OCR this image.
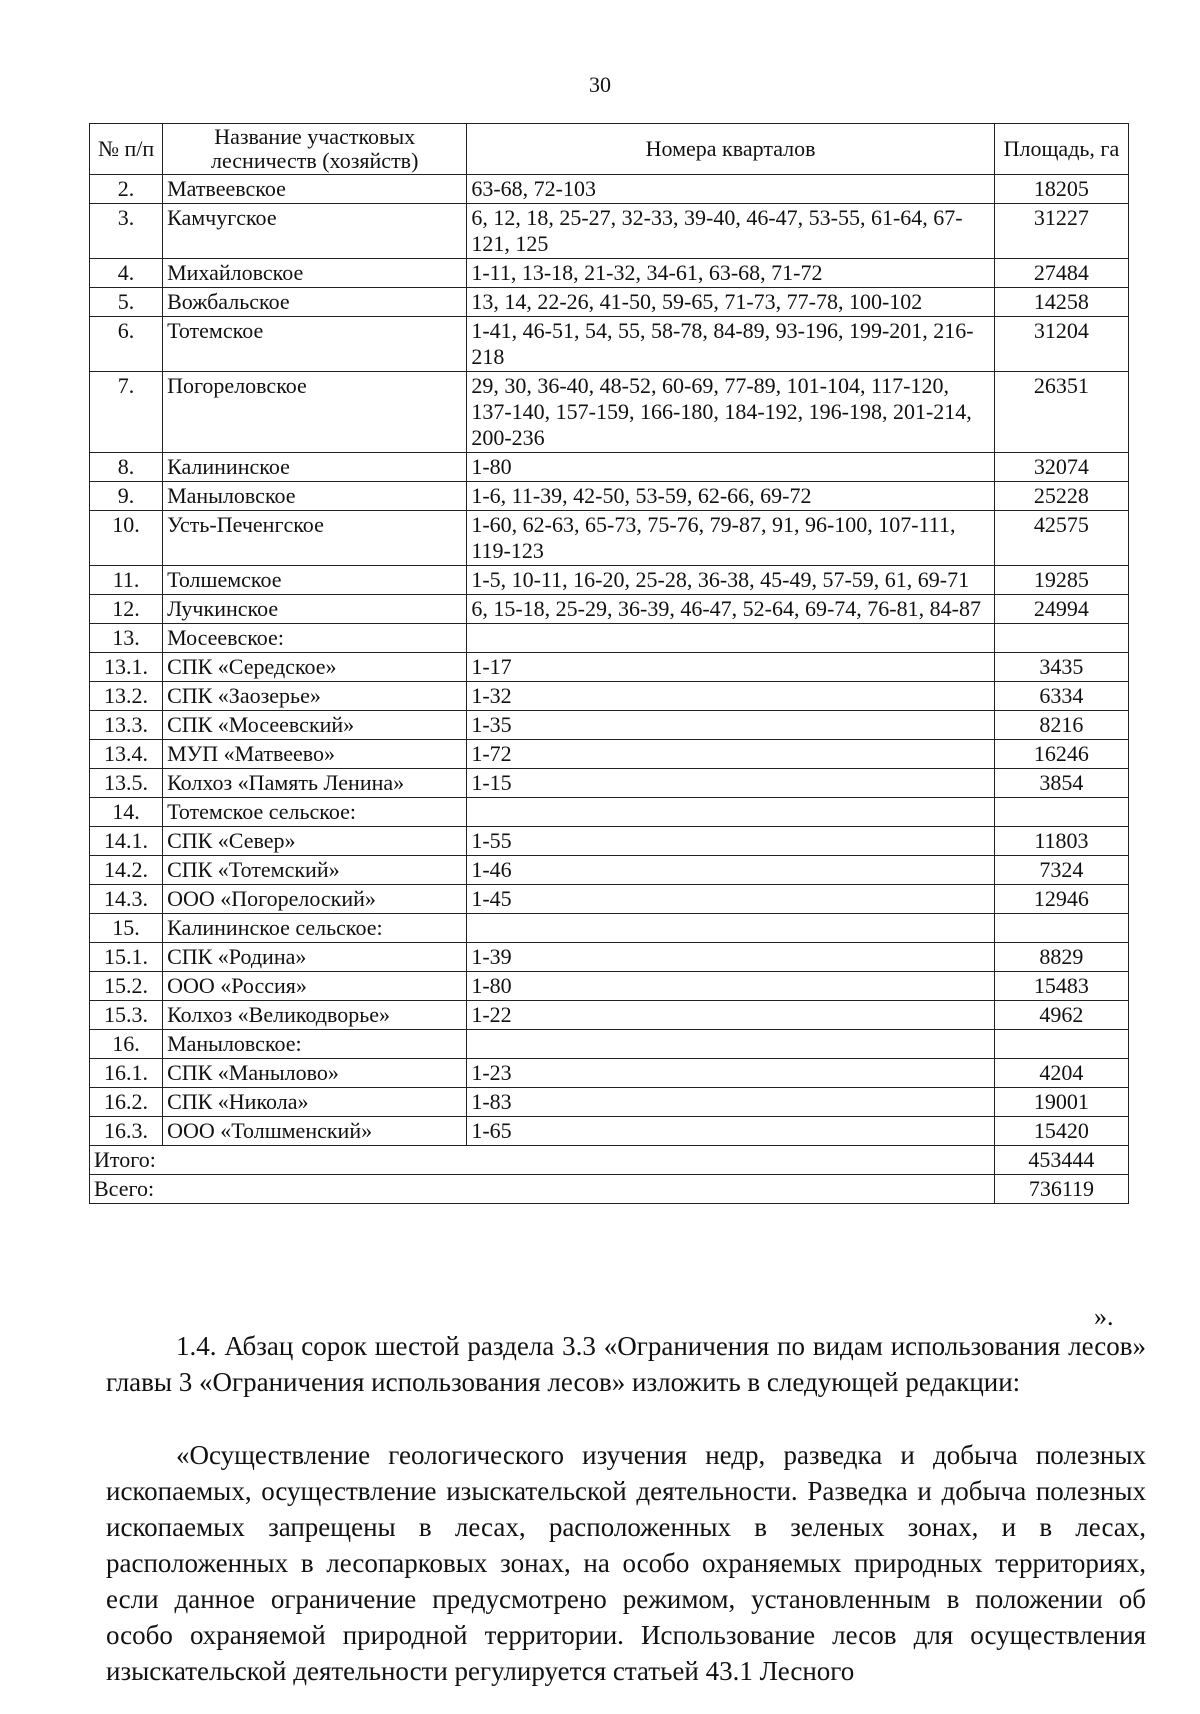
30
№ п/п	Название участковых лесничеств (хозяйств)	Номера кварталов	Площадь, га
2.	Матвеевское	63-68, 72-103	18205
3.	Камчугское	6, 12, 18, 25-27, 32-33, 39-40, 46-47, 53-55, 61-64, 67-121, 125	31227
4.	Михайловское	1-11, 13-18, 21-32, 34-61, 63-68, 71-72	27484
5.	Вожбальское	13, 14, 22-26, 41-50, 59-65, 71-73, 77-78, 100-102	14258
6.	Тотемское	1-41, 46-51, 54, 55, 58-78, 84-89, 93-196, 199-201, 216-218	31204
7.	Погореловское	29, 30, 36-40, 48-52, 60-69, 77-89, 101-104, 117-120, 137-140, 157-159, 166-180, 184-192, 196-198, 201-214, 200-236	26351
8.	Калининское	1-80	32074
9.	Маныловское	1-6, 11-39, 42-50, 53-59, 62-66, 69-72	25228
10.	Усть-Печенгское	1-60, 62-63, 65-73, 75-76, 79-87, 91, 96-100, 107-111, 119-123	42575
11.	Толшемское	1-5, 10-11, 16-20, 25-28, 36-38, 45-49, 57-59, 61, 69-71	19285
12.	Лучкинское	6, 15-18, 25-29, 36-39, 46-47, 52-64, 69-74, 76-81, 84-87	24994
13.	Мосеевское:		
13.1.	СПК «Середское»	1-17	3435
13.2.	СПК «Заозерье»	1-32	6334
13.3.	СПК «Мосеевский»	1-35	8216
13.4.	МУП «Матвеево»	1-72	16246
13.5.	Колхоз «Память Ленина»	1-15	3854
14.	Тотемское сельское:		
14.1.	СПК «Север»	1-55	11803
14.2.	СПК «Тотемский»	1-46	7324
14.3.	ООО «Погорелоский»	1-45	12946
15.	Калининское сельское:		
15.1.	СПК «Родина»	1-39	8829
15.2.	ООО «Россия»	1-80	15483
15.3.	Колхоз «Великодворье»	1-22	4962
16.	Маныловское:		
16.1.	СПК «Манылово»	1-23	4204
16.2.	СПК «Никола»	1-83	19001
16.3.	ООО «Толшменский»	1-65	15420
Итого:			453444
Всего:			736119
».
1.4. Абзац сорок шестой раздела 3.3 «Ограничения по видам использования лесов» главы 3 «Ограничения использования лесов» изложить в следующей редакции:
«Осуществление геологического изучения недр, разведка и добыча полезных ископаемых, осуществление изыскательской деятельности. Разведка и добыча полезных ископаемых запрещены в лесах, расположенных в зеленых зонах, и в лесах, расположенных в лесопарковых зонах, на особо охраняемых природных территориях, если данное ограничение предусмотрено режимом, установленным в положении об особо охраняемой природной территории. Использование лесов для осуществления изыскательской деятельности регулируется статьей 43.1 Лесного
